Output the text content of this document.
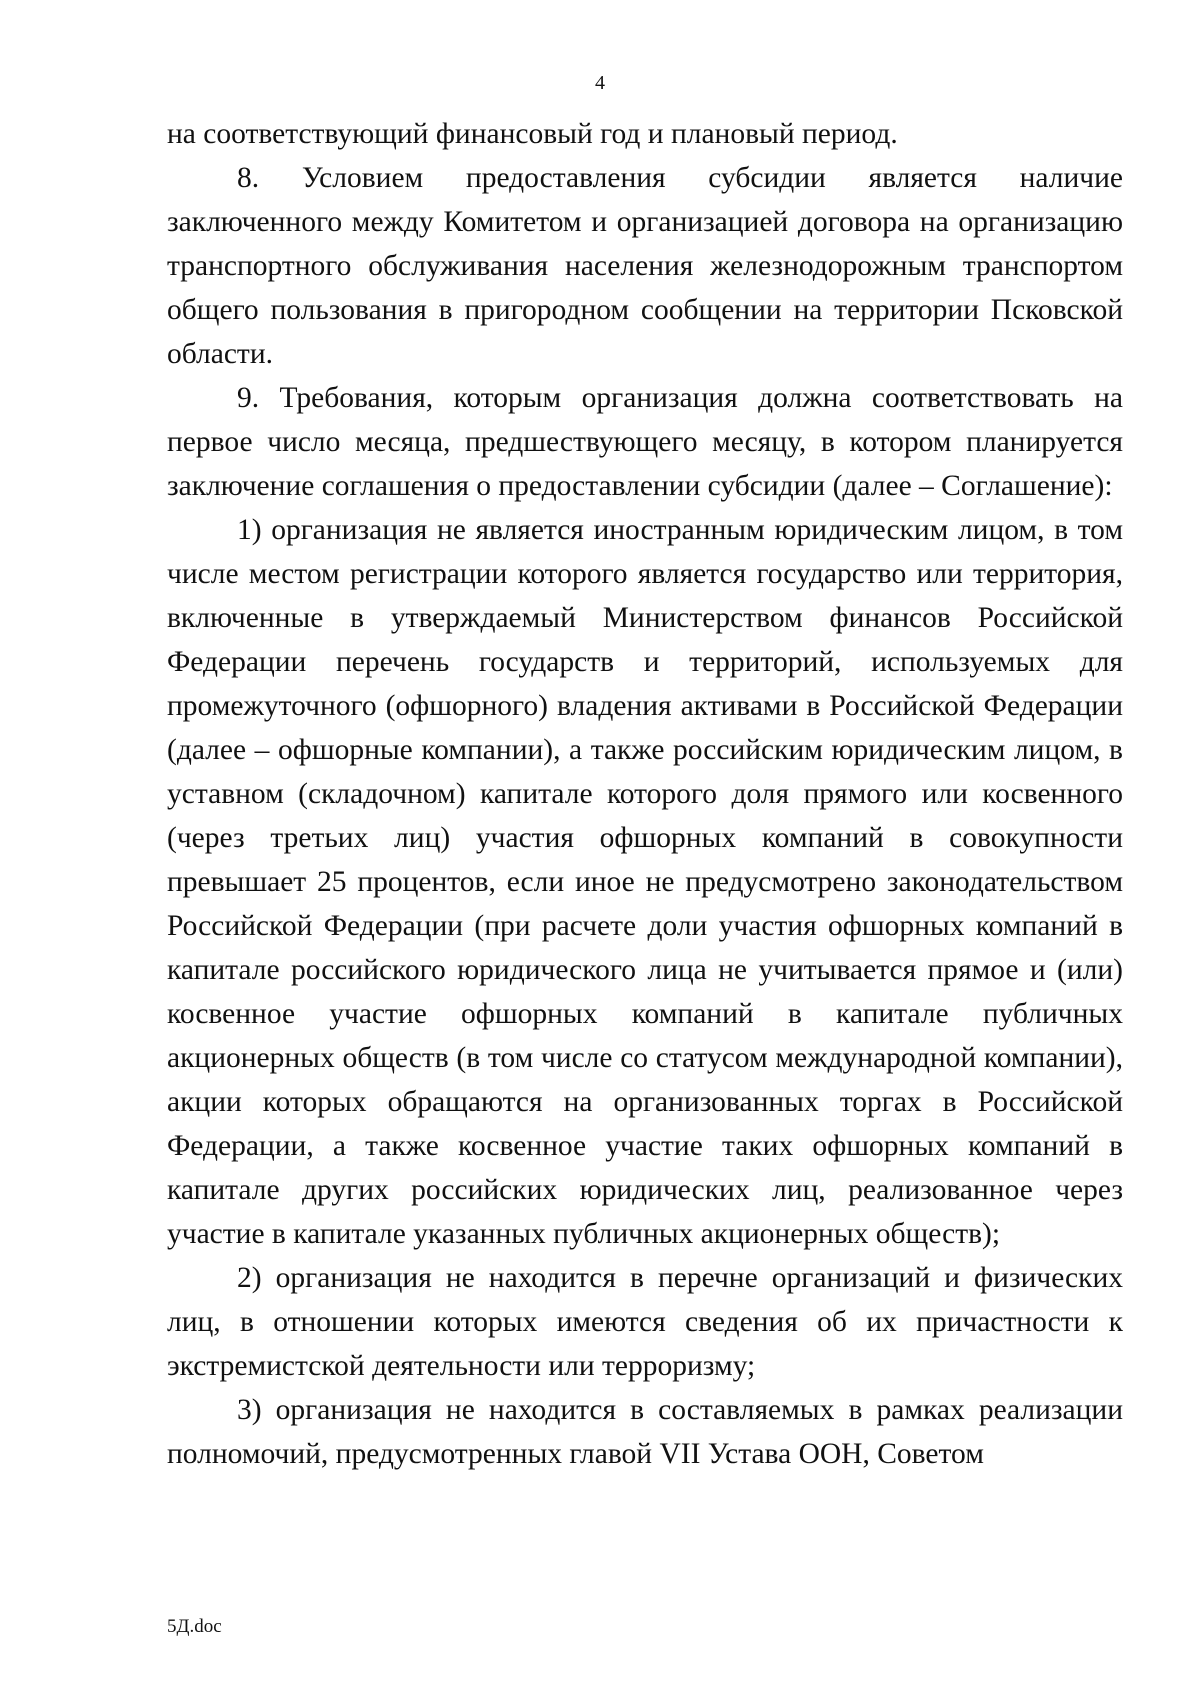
4

на соответствующий финансовый год и плановый период.

8. Условием предоставления субсидии является наличие заключенного между Комитетом и организацией договора на организацию транспортного обслуживания населения железнодорожным транспортом общего пользования в пригородном сообщении на территории Псковской области.

9. Требования, которым организация должна соответствовать на первое число месяца, предшествующего месяцу, в котором планируется заключение соглашения о предоставлении субсидии (далее – Соглашение):

1) организация не является иностранным юридическим лицом, в том числе местом регистрации которого является государство или территория, включенные в утверждаемый Министерством финансов Российской Федерации перечень государств и территорий, используемых для промежуточного (офшорного) владения активами в Российской Федерации (далее – офшорные компании), а также российским юридическим лицом, в уставном (складочном) капитале которого доля прямого или косвенного (через третьих лиц) участия офшорных компаний в совокупности превышает 25 процентов, если иное не предусмотрено законодательством Российской Федерации (при расчете доли участия офшорных компаний в капитале российского юридического лица не учитывается прямое и (или) косвенное участие офшорных компаний в капитале публичных акционерных обществ (в том числе со статусом международной компании), акции которых обращаются на организованных торгах в Российской Федерации, а также косвенное участие таких офшорных компаний в капитале других российских юридических лиц, реализованное через участие в капитале указанных публичных акционерных обществ);

2) организация не находится в перечне организаций и физических лиц, в отношении которых имеются сведения об их причастности к экстремистской деятельности или терроризму;

3) организация не находится в составляемых в рамках реализации полномочий, предусмотренных главой VII Устава ООН, Советом

5Д.doc
